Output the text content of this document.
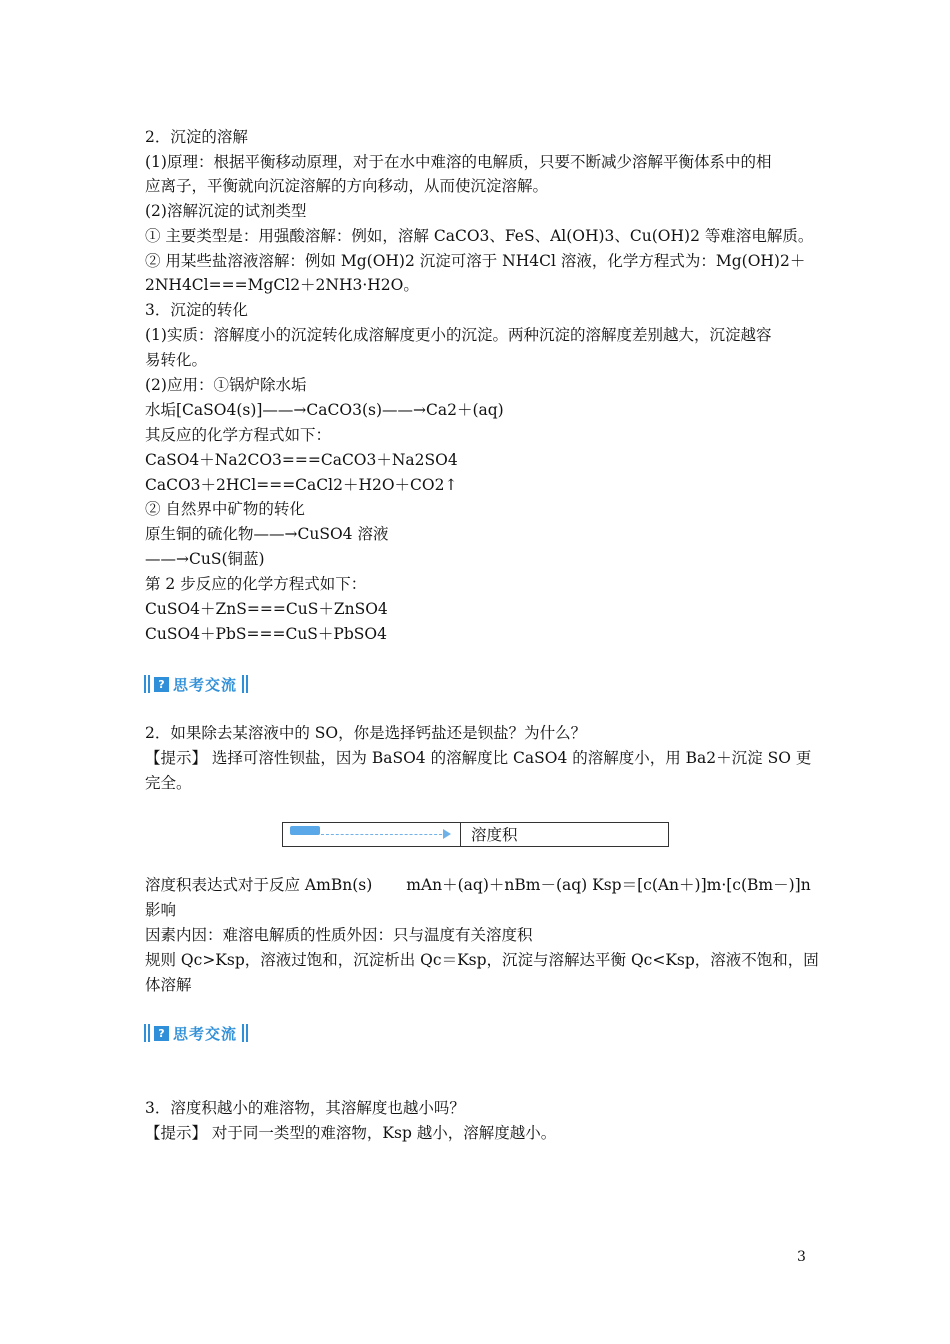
2．沉淀的溶解
(1)原理：根据平衡移动原理，对于在水中难溶的电解质，只要不断减少溶解平衡体系中的相
应离子，平衡就向沉淀溶解的方向移动，从而使沉淀溶解。
(2)溶解沉淀的试剂类型
① 主要类型是：用强酸溶解：例如，溶解 CaCO3、FeS、Al(OH)3、Cu(OH)2 等难溶电解质。
② 用某些盐溶液溶解：例如 Mg(OH)2 沉淀可溶于 NH4Cl 溶液，化学方程式为：Mg(OH)2＋
2NH4Cl===MgCl2＋2NH3·H2O。
3．沉淀的转化
(1)实质：溶解度小的沉淀转化成溶解度更小的沉淀。两种沉淀的溶解度差别越大，沉淀越容
易转化。
(2)应用：①锅炉除水垢
水垢[CaSO4(s)]——→CaCO3(s)——→Ca2＋(aq)
其反应的化学方程式如下：
CaSO4＋Na2CO3===CaCO3＋Na2SO4
CaCO3＋2HCl===CaCl2＋H2O＋CO2↑
② 自然界中矿物的转化
原生铜的硫化物——→CuSO4 溶液
——→CuS(铜蓝)
第 2 步反应的化学方程式如下：
CuSO4＋ZnS===CuS＋ZnSO4
CuSO4＋PbS===CuS＋PbSO4
? 思考交流
2．如果除去某溶液中的 SO，你是选择钙盐还是钡盐？为什么？
【提示】 选择可溶性钡盐，因为 BaSO4 的溶解度比 CaSO4 的溶解度小，用 Ba2＋沉淀 SO 更
完全。
溶度积
溶度积表达式对于反应 AmBn(s) mAn＋(aq)＋nBm－(aq) Ksp＝[c(An＋)]m·[c(Bm－)]n
影响
因素内因：难溶电解质的性质外因：只与温度有关溶度积
规则 Qc>Ksp，溶液过饱和，沉淀析出 Qc＝Ksp，沉淀与溶解达平衡 Qc<Ksp，溶液不饱和，固
体溶解
? 思考交流
3．溶度积越小的难溶物，其溶解度也越小吗？
【提示】 对于同一类型的难溶物，Ksp 越小，溶解度越小。
3
